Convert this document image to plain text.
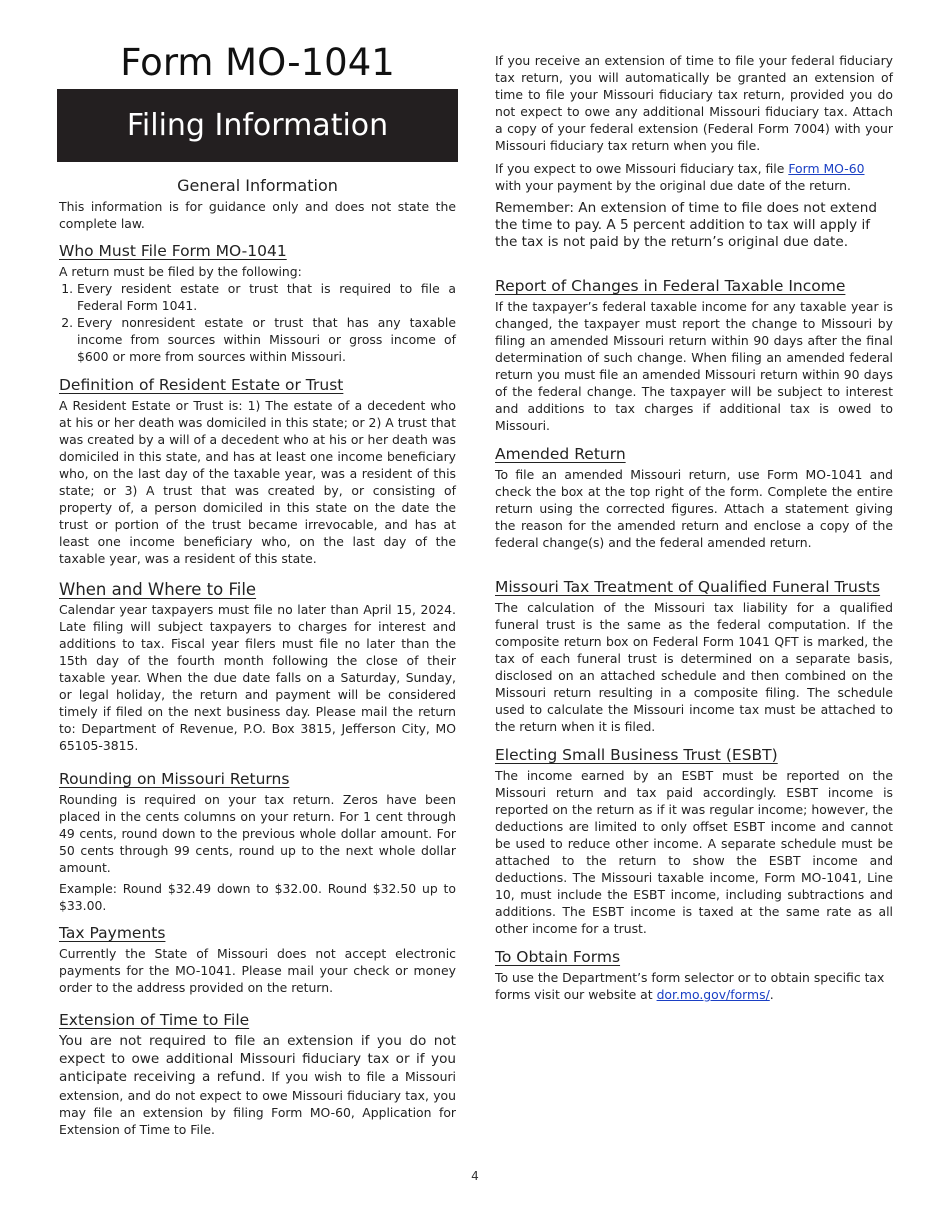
Form MO-1041
Filing Information
General Information

This information is for guidance only and does not state the complete law.

Who Must File Form MO-1041

A return must be filed by the following:

1. Every resident estate or trust that is required to file a Federal Form 1041.
2. Every nonresident estate or trust that has any taxable income from sources within Missouri or gross income of $600 or more from sources within Missouri.
Definition of Resident Estate or Trust

A Resident Estate or Trust is: 1) The estate of a decedent who at his or her death was domiciled in this state; or 2) A trust that was created by a will of a decedent who at his or her death was domiciled in this state, and has at least one income beneficiary who, on the last day of the taxable year, was a resident of this state; or 3) A trust that was created by, or consisting of property of, a person domiciled in this state on the date the trust or portion of the trust became irrevocable, and has at least one income beneficiary who, on the last day of the taxable year, was a resident of this state.

When and Where to File

Calendar year taxpayers must file no later than April 15, 2024. Late filing will subject taxpayers to charges for interest and additions to tax. Fiscal year filers must file no later than the 15th day of the fourth month following the close of their taxable year. When the due date falls on a Saturday, Sunday, or legal holiday, the return and payment will be considered timely if filed on the next business day. Please mail the return to: Department of Revenue, P.O. Box 3815, Jefferson City, MO 65105-3815.

Rounding on Missouri Returns

Rounding is required on your tax return. Zeros have been placed in the cents columns on your return. For 1 cent through 49 cents, round down to the previous whole dollar amount. For 50 cents through 99 cents, round up to the next whole dollar amount.

Example: Round $32.49 down to $32.00. Round $32.50 up to $33.00.

Tax Payments

Currently the State of Missouri does not accept electronic payments for the MO-1041. Please mail your check or money order to the address provided on the return.

Extension of Time to File

You are not required to file an extension if you do not expect to owe additional Missouri fiduciary tax or if you anticipate receiving a refund. If you wish to file a Missouri extension, and do not expect to owe Missouri fiduciary tax, you may file an extension by filing Form MO-60, Application for Extension of Time to File.

If you receive an extension of time to file your federal fiduciary tax return, you will automatically be granted an extension of time to file your Missouri fiduciary tax return, provided you do not expect to owe any additional Missouri fiduciary tax. Attach a copy of your federal extension (Federal Form 7004) with your Missouri fiduciary tax return when you file.

If you expect to owe Missouri fiduciary tax, file Form MO-60 with your payment by the original due date of the return.

Remember: An extension of time to file does not extend the time to pay. A 5 percent addition to tax will apply if the tax is not paid by the return’s original due date.

Report of Changes in Federal Taxable Income

If the taxpayer’s federal taxable income for any taxable year is changed, the taxpayer must report the change to Missouri by filing an amended Missouri return within 90 days after the final determination of such change. When filing an amended federal return you must file an amended Missouri return within 90 days of the federal change. The taxpayer will be subject to interest and additions to tax charges if additional tax is owed to Missouri.

Amended Return

To file an amended Missouri return, use Form MO-1041 and check the box at the top right of the form. Complete the entire return using the corrected figures. Attach a statement giving the reason for the amended return and enclose a copy of the federal change(s) and the federal amended return.

Missouri Tax Treatment of Qualified Funeral Trusts

The calculation of the Missouri tax liability for a qualified funeral trust is the same as the federal computation. If the composite return box on Federal Form 1041 QFT is marked, the tax of each funeral trust is determined on a separate basis, disclosed on an attached schedule and then combined on the Missouri return resulting in a composite filing. The schedule used to calculate the Missouri income tax must be attached to the return when it is filed.

Electing Small Business Trust (ESBT)

The income earned by an ESBT must be reported on the Missouri return and tax paid accordingly. ESBT income is reported on the return as if it was regular income; however, the deductions are limited to only offset ESBT income and cannot be used to reduce other income. A separate schedule must be attached to the return to show the ESBT income and deductions. The Missouri taxable income, Form MO-1041, Line 10, must include the ESBT income, including subtractions and additions. The ESBT income is taxed at the same rate as all other income for a trust.

To Obtain Forms

To use the Department’s form selector or to obtain specific tax forms visit our website at dor.mo.gov/forms/.

4
